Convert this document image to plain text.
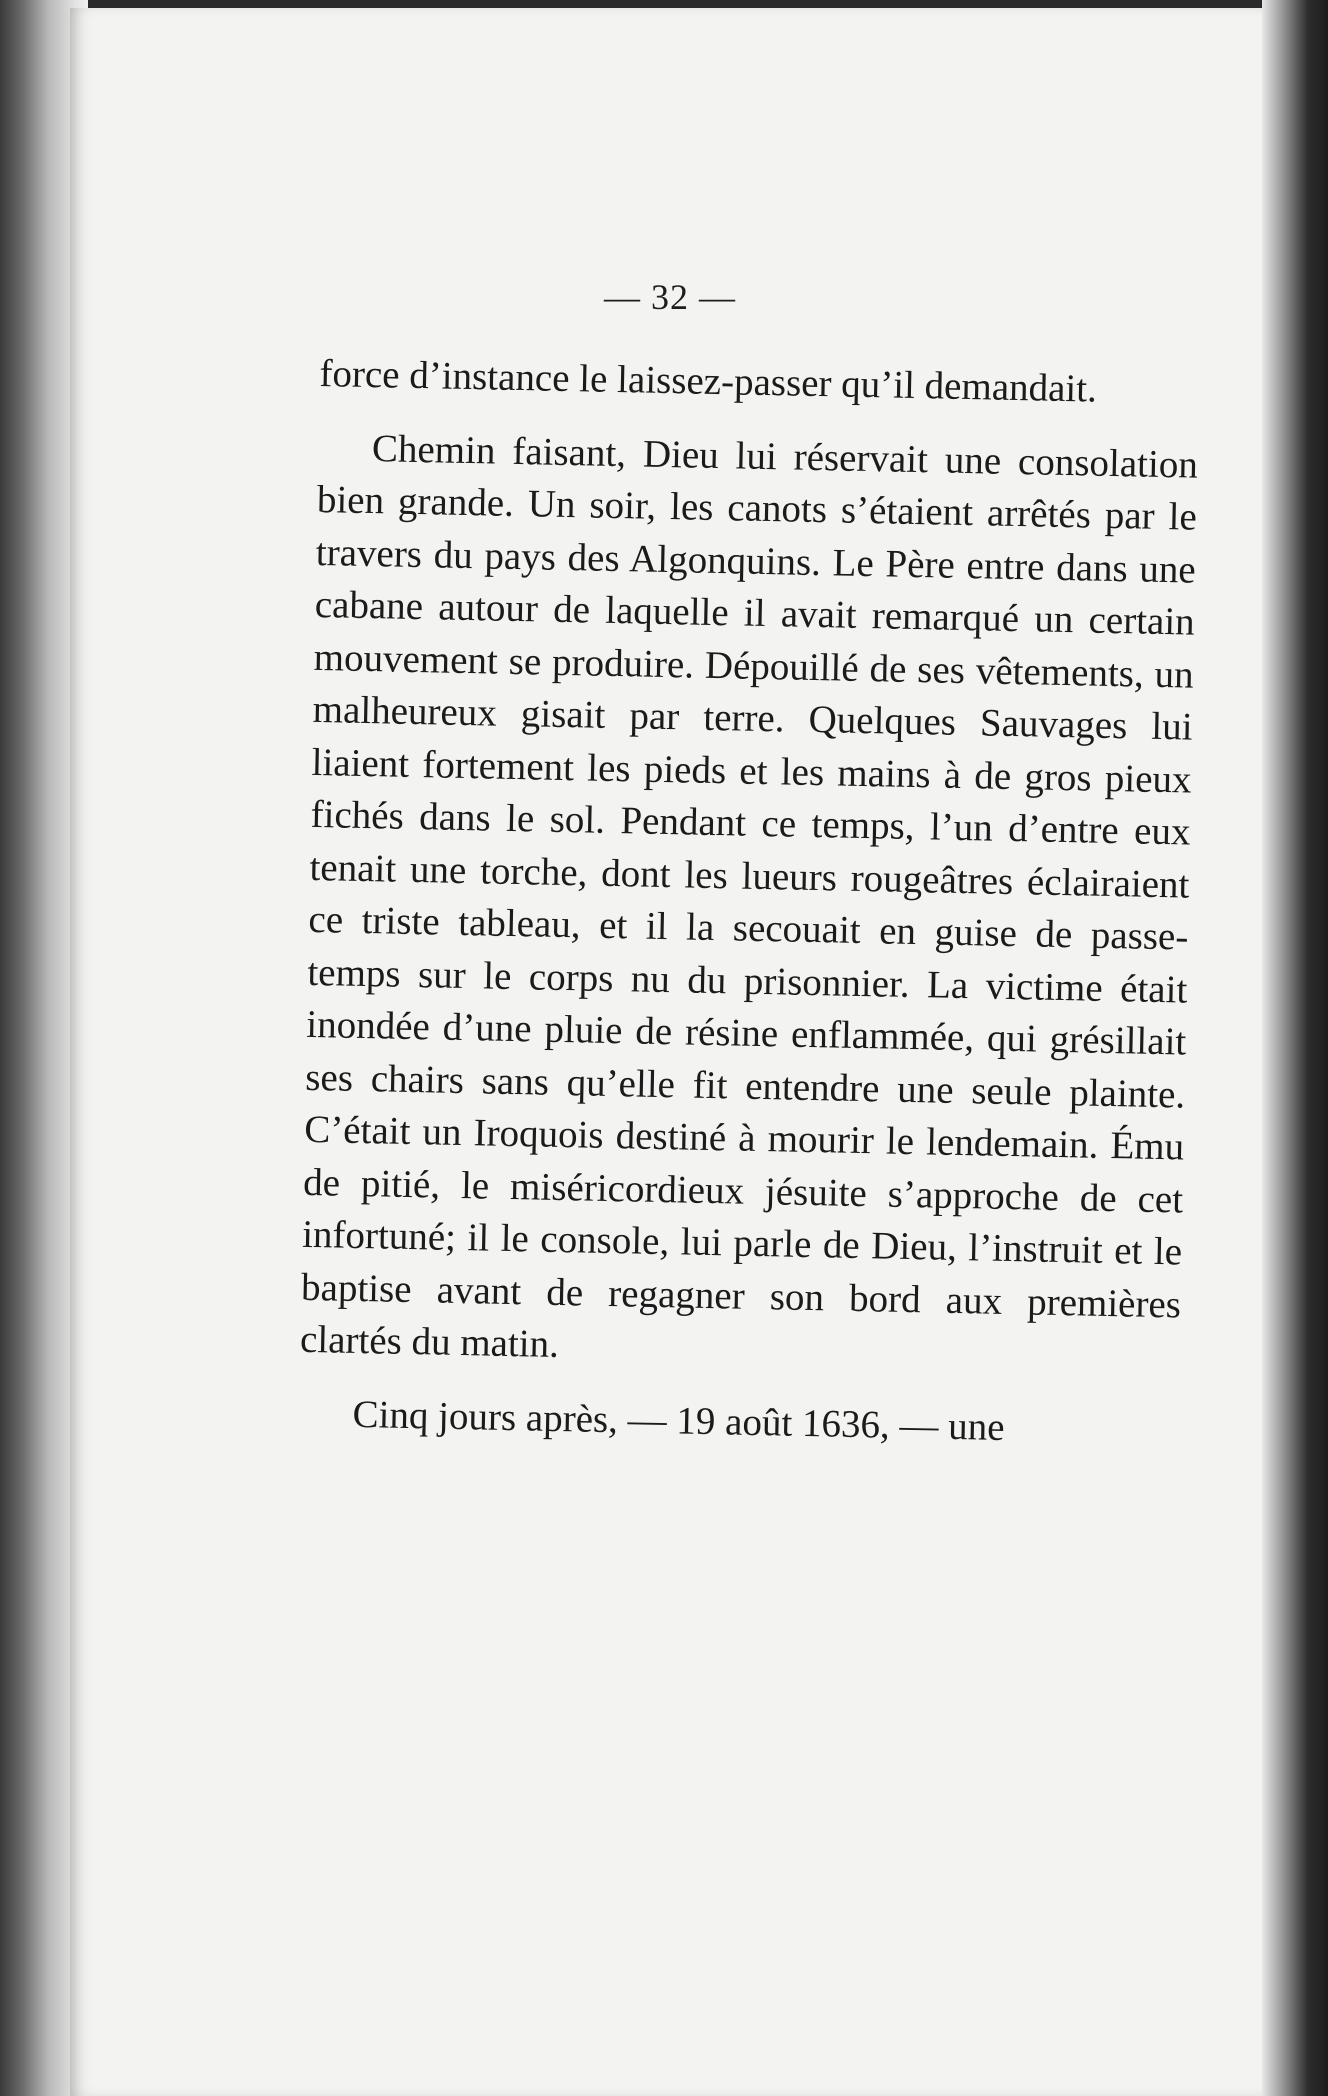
— 32 —

force d’instance le laissez-passer qu’il demandait.

Chemin faisant, Dieu lui réservait une consolation bien grande. Un soir, les canots s’étaient arrêtés par le travers du pays des Algonquins. Le Père entre dans une cabane autour de laquelle il avait remarqué un certain mouvement se produire. Dépouillé de ses vêtements, un malheureux gisait par terre. Quelques Sauvages lui liaient fortement les pieds et les mains à de gros pieux fichés dans le sol. Pendant ce temps, l’un d’entre eux tenait une torche, dont les lueurs rougeâtres éclairaient ce triste tableau, et il la secouait en guise de passe-temps sur le corps nu du prisonnier. La victime était inondée d’une pluie de résine enflammée, qui grésillait ses chairs sans qu’elle fit entendre une seule plainte. C’était un Iroquois destiné à mourir le lendemain. Ému de pitié, le miséricordieux jésuite s’approche de cet infortuné; il le console, lui parle de Dieu, l’instruit et le baptise avant de regagner son bord aux premières clartés du matin.

Cinq jours après, — 19 août 1636, — une
